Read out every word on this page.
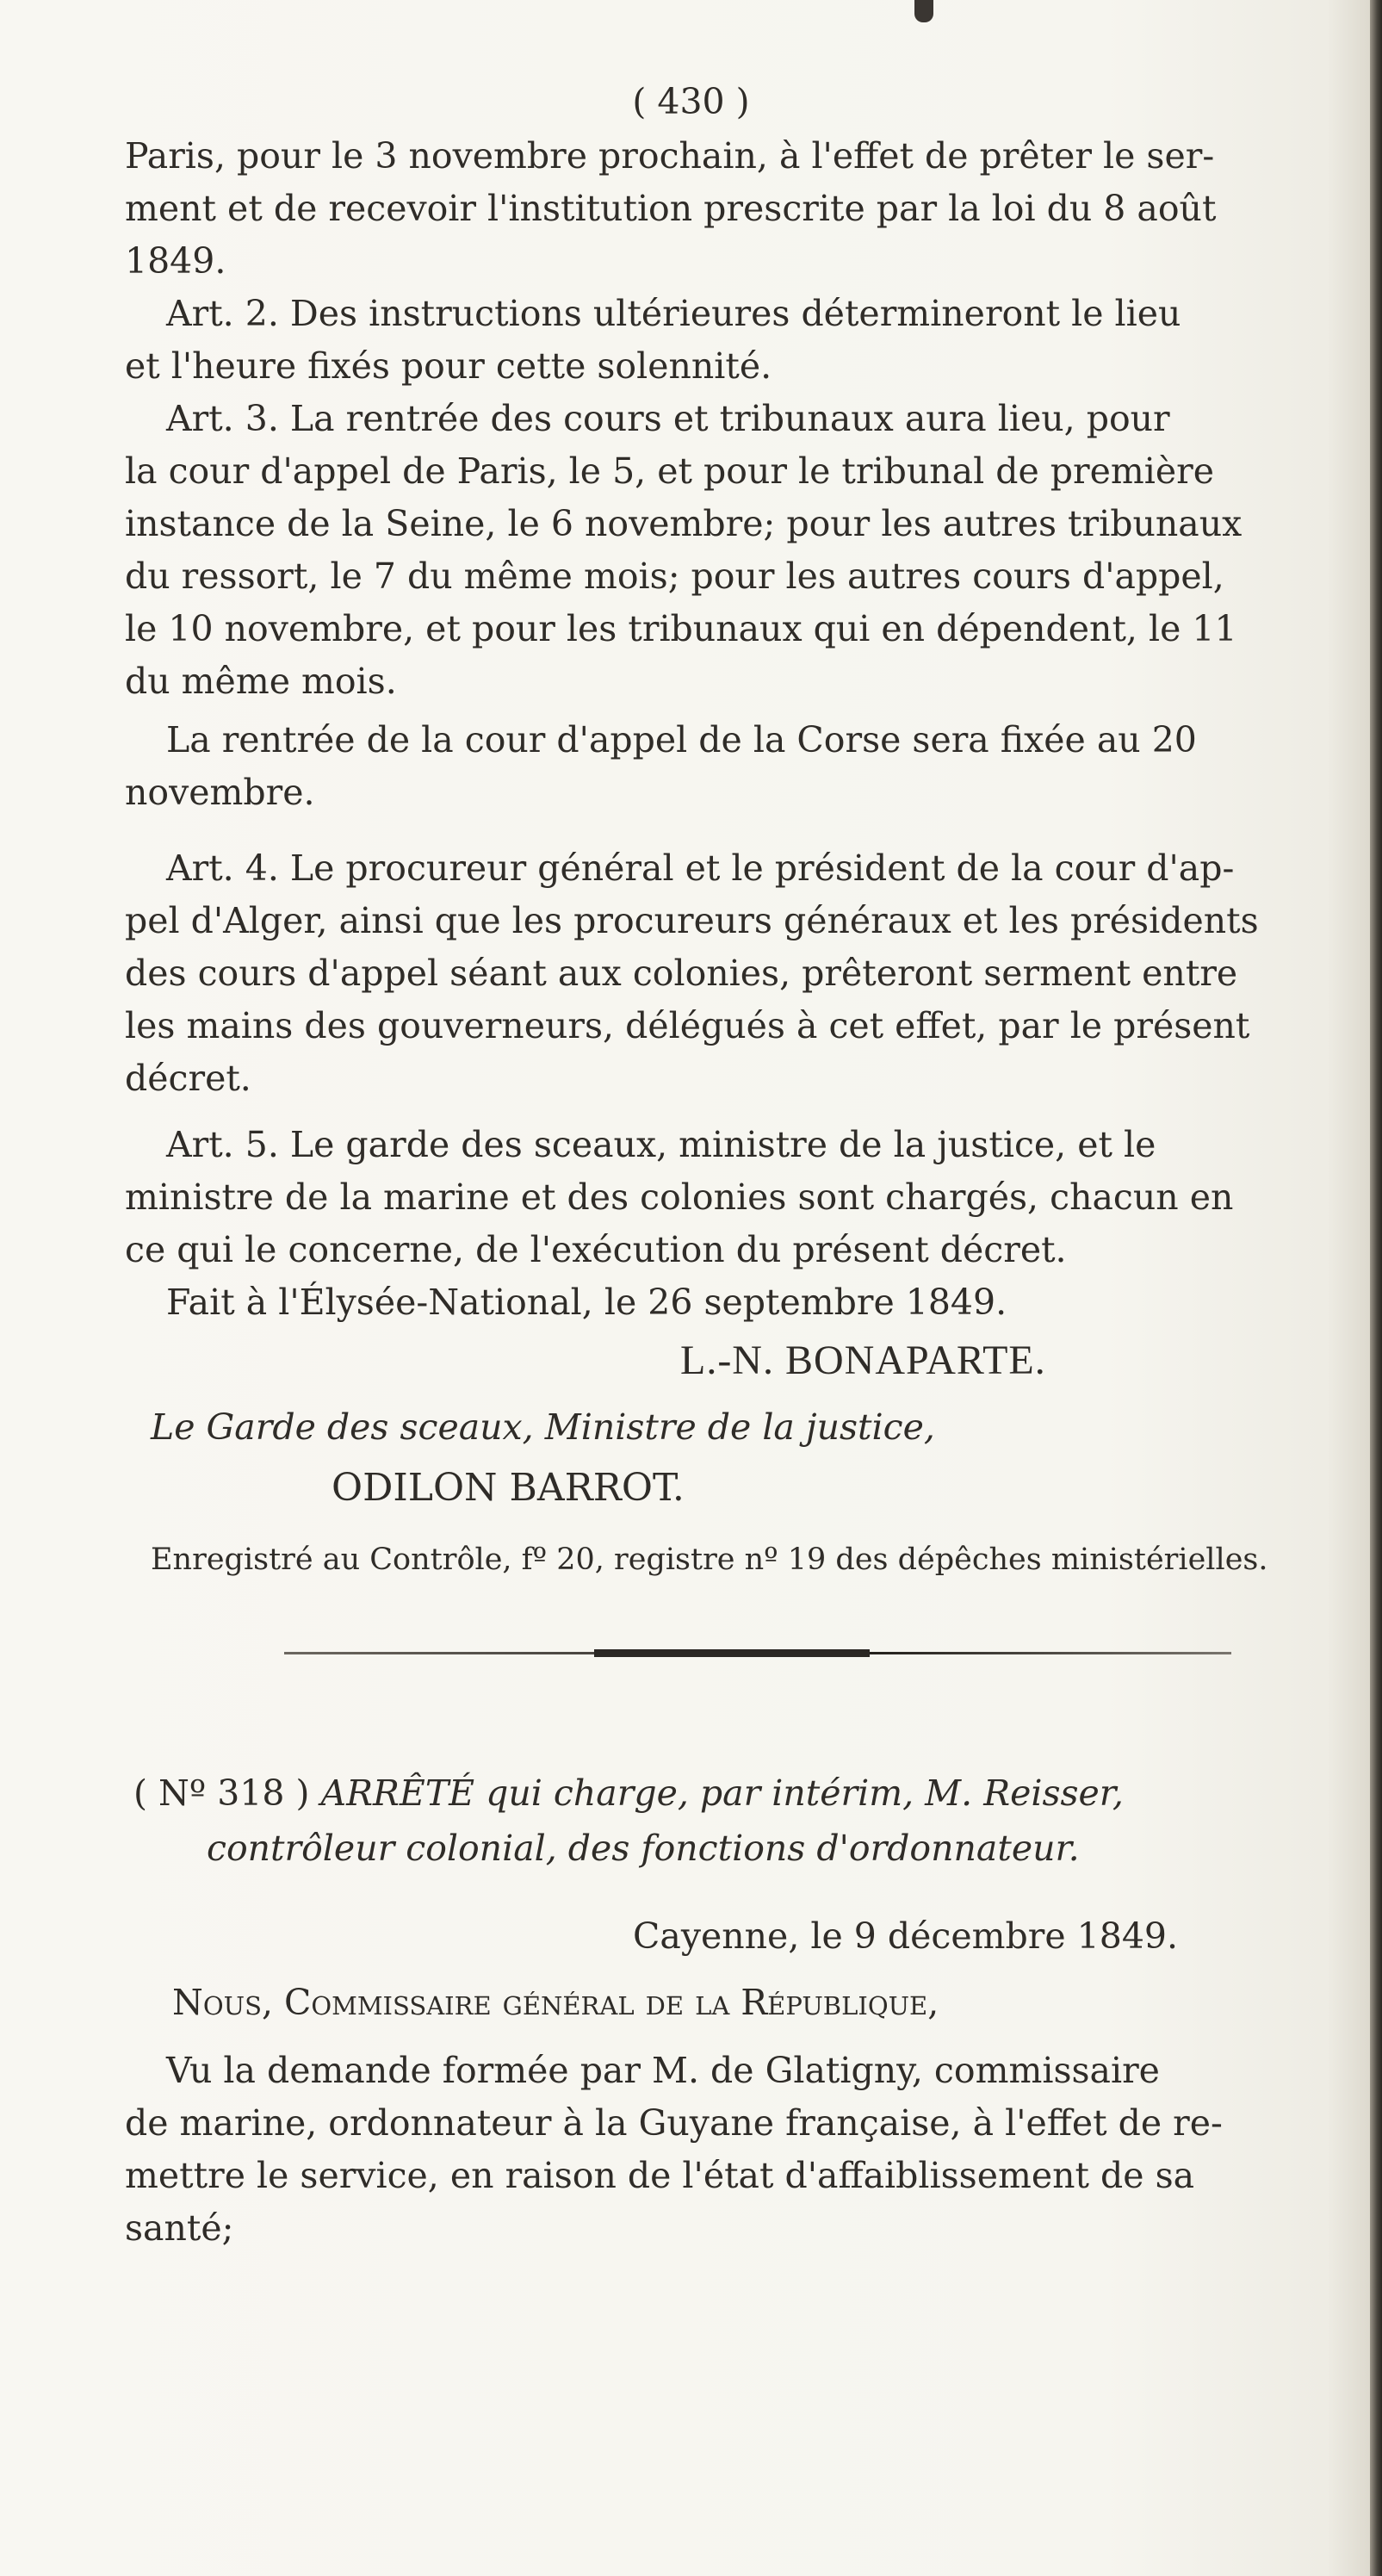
( 430 )
Paris, pour le 3 novembre prochain, à l'effet de prêter le ser-
ment et de recevoir l'institution prescrite par la loi du 8 août
1849.
Art. 2. Des instructions ultérieures détermineront le lieu
et l'heure fixés pour cette solennité.
Art. 3. La rentrée des cours et tribunaux aura lieu, pour
la cour d'appel de Paris, le 5, et pour le tribunal de première
instance de la Seine, le 6 novembre; pour les autres tribunaux
du ressort, le 7 du même mois; pour les autres cours d'appel,
le 10 novembre, et pour les tribunaux qui en dépendent, le 11
du même mois.
La rentrée de la cour d'appel de la Corse sera fixée au 20
novembre.
Art. 4. Le procureur général et le président de la cour d'ap-
pel d'Alger, ainsi que les procureurs généraux et les présidents
des cours d'appel séant aux colonies, prêteront serment entre
les mains des gouverneurs, délégués à cet effet, par le présent
décret.
Art. 5. Le garde des sceaux, ministre de la justice, et le
ministre de la marine et des colonies sont chargés, chacun en
ce qui le concerne, de l'exécution du présent décret.
Fait à l'Élysée-National, le 26 septembre 1849.
L.-N. BONAPARTE.
Le Garde des sceaux, Ministre de la justice,
ODILON BARROT.
Enregistré au Contrôle, fº 20, registre nº 19 des dépêches ministérielles.
( Nº 318 ) ARRÊTÉ qui charge, par intérim, M. Reisser,
contrôleur colonial, des fonctions d'ordonnateur.
Cayenne, le 9 décembre 1849.
Nous, Commissaire général de la République,
Vu la demande formée par M. de Glatigny, commissaire
de marine, ordonnateur à la Guyane française, à l'effet de re-
mettre le service, en raison de l'état d'affaiblissement de sa
santé;
